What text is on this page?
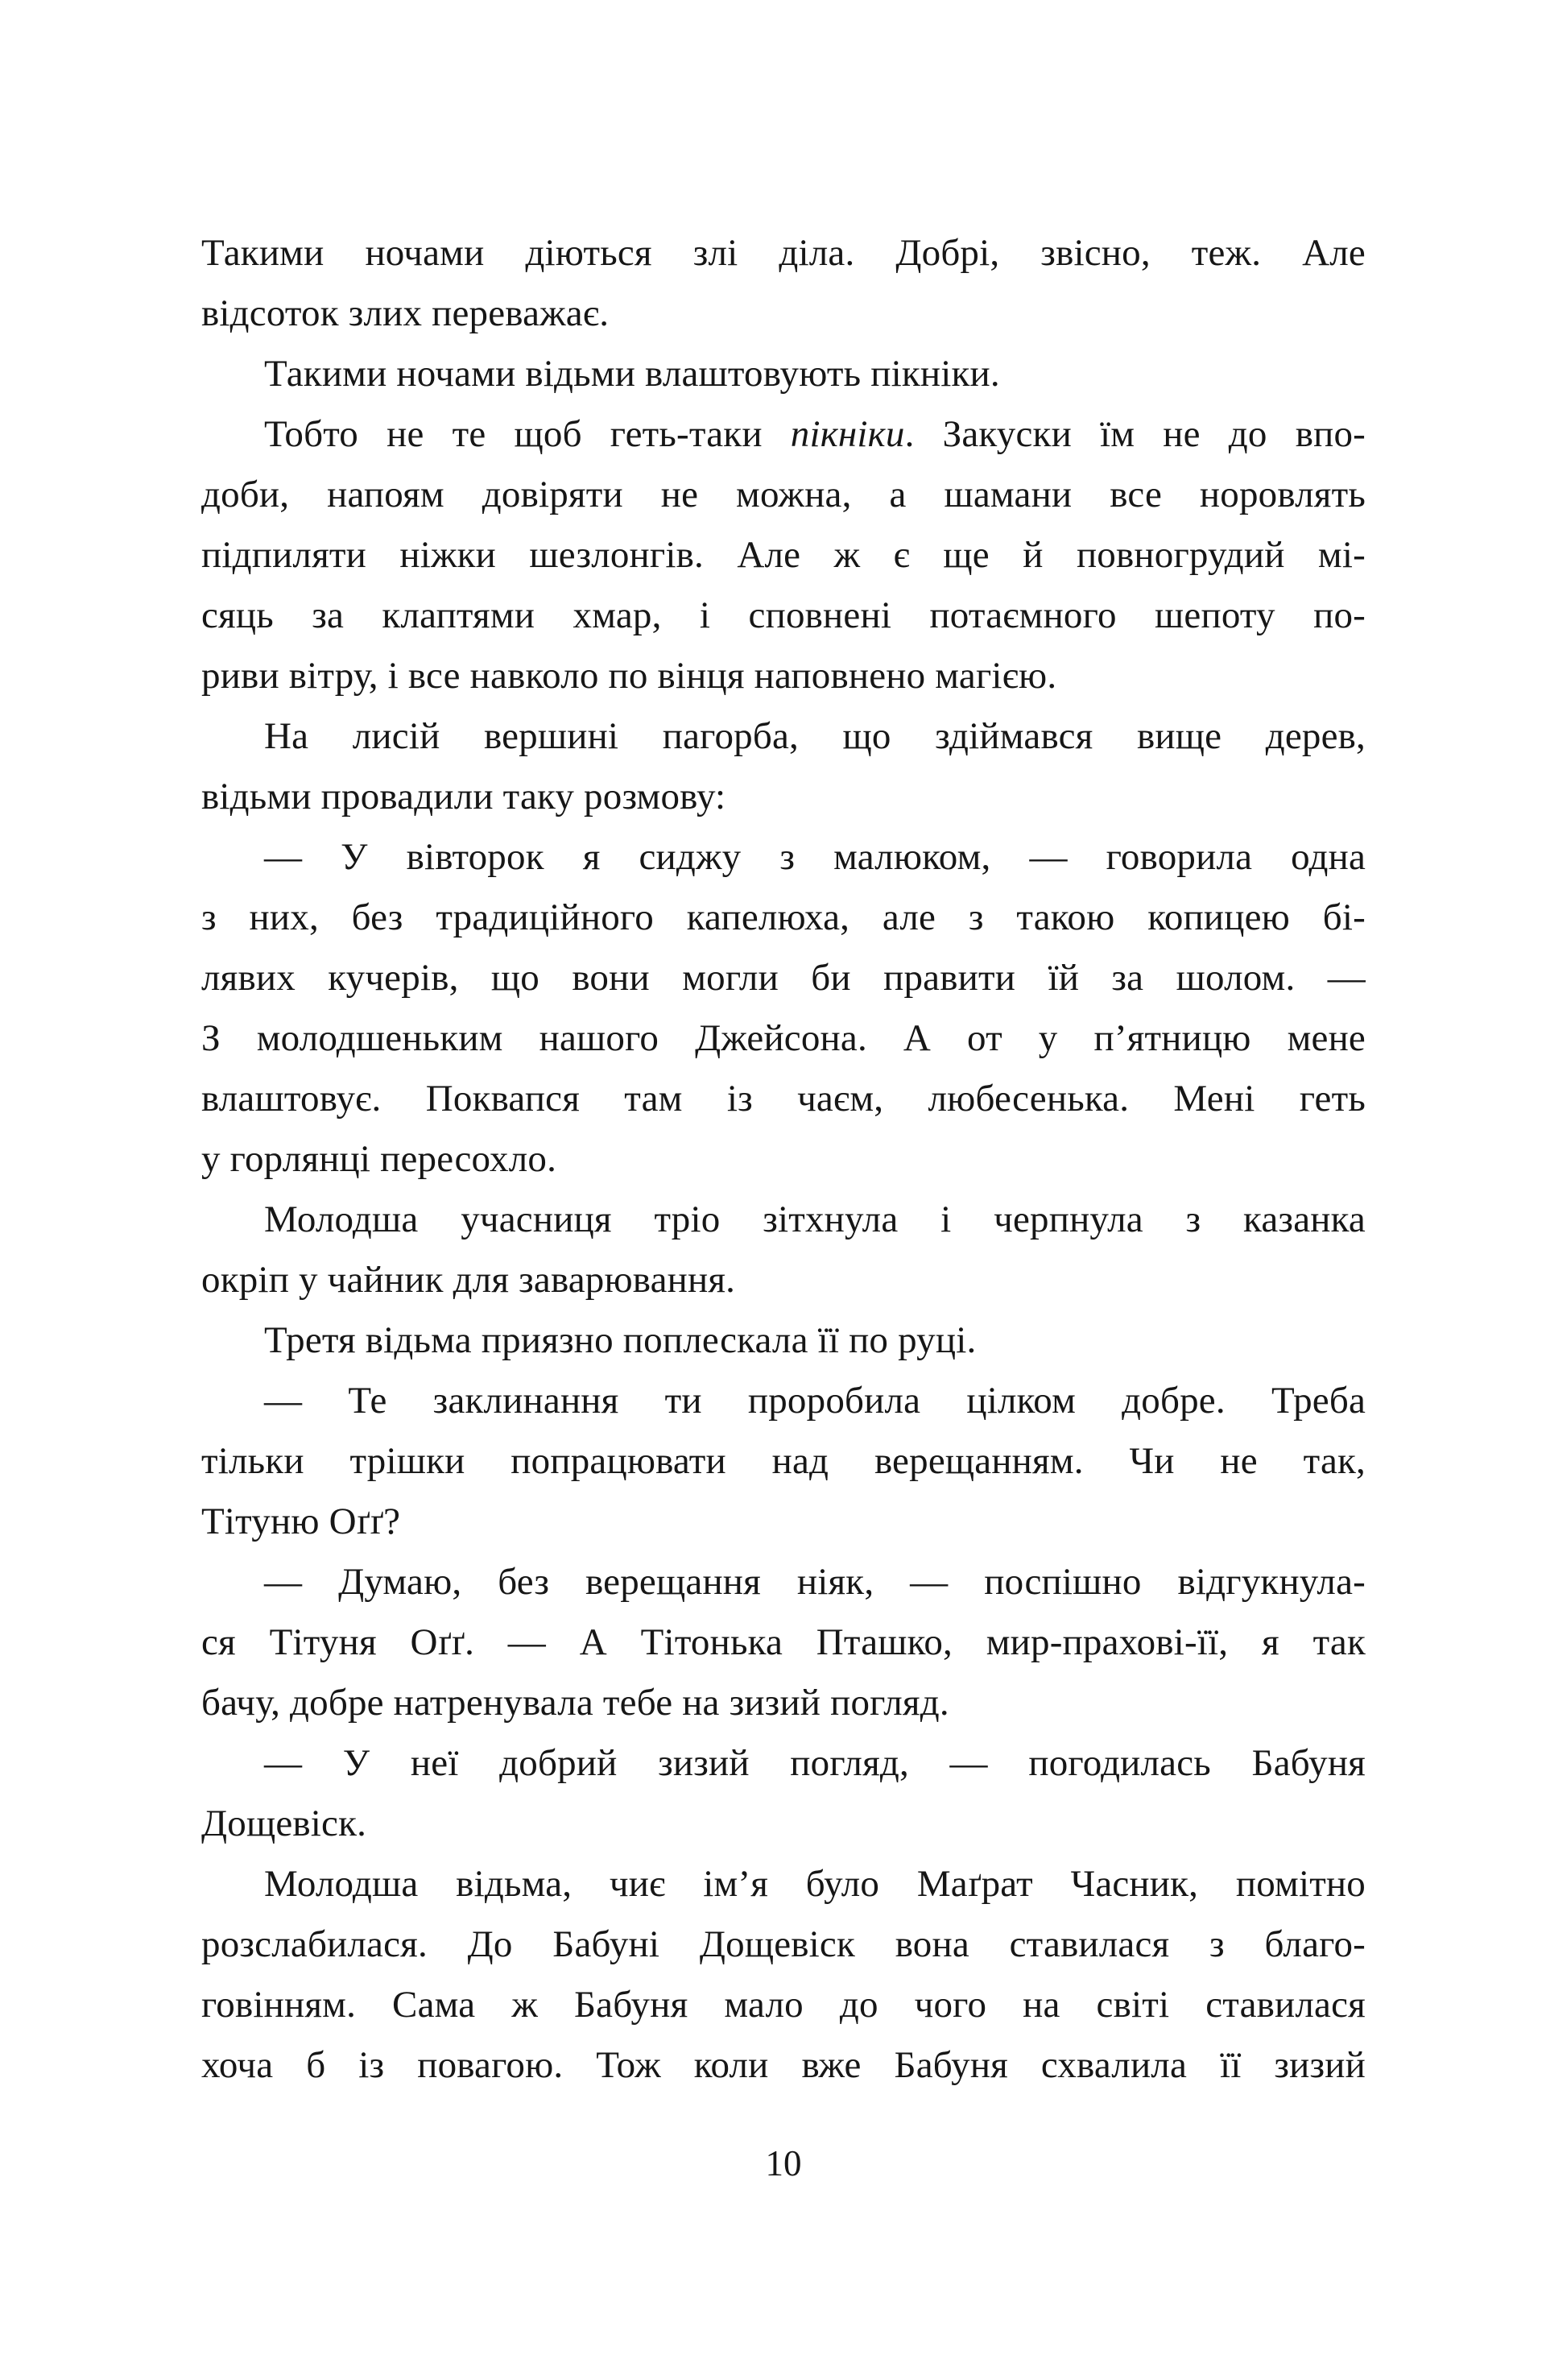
Такими ночами діються злі діла. Добрі, звісно, теж. Але
відсоток злих переважає.
Такими ночами відьми влаштовують пікніки.
Тобто не те щоб геть-таки пікніки. Закуски їм не до впо-
доби, напоям довіряти не можна, а шамани все норовлять
підпиляти ніжки шезлонгів. Але ж є ще й повногрудий мі-
сяць за клаптями хмар, і сповнені потаємного шепоту по-
риви вітру, і все навколо по вінця наповнено магією.
На лисій вершині пагорба, що здіймався вище дерев,
відьми провадили таку розмову:
— У вівторок я сиджу з малюком, — говорила одна
з них, без традиційного капелюха, але з такою копицею бі-
лявих кучерів, що вони могли би правити їй за шолом. —
З молодшеньким нашого Джейсона. А от у п’ятницю мене
влаштовує. Поквапся там із чаєм, любесенька. Мені геть
у горлянці пересохло.
Молодша учасниця тріо зітхнула і черпнула з казанка
окріп у чайник для заварювання.
Третя відьма приязно поплескала її по руці.
— Те заклинання ти проробила цілком добре. Треба
тільки трішки попрацювати над верещанням. Чи не так,
Тітуню Оґґ?
— Думаю, без верещання ніяк, — поспішно відгукнула-
ся Тітуня Оґґ. — А Тітонька Пташко, мир-прахові-її, я так
бачу, добре натренувала тебе на зизий погляд.
— У неї добрий зизий погляд, — погодилась Бабуня
Дощевіск.
Молодша відьма, чиє ім’я було Маґрат Часник, помітно
розслабилася. До Бабуні Дощевіск вона ставилася з благо-
говінням. Сама ж Бабуня мало до чого на світі ставилася
хоча б із повагою. Тож коли вже Бабуня схвалила її зизий
10
